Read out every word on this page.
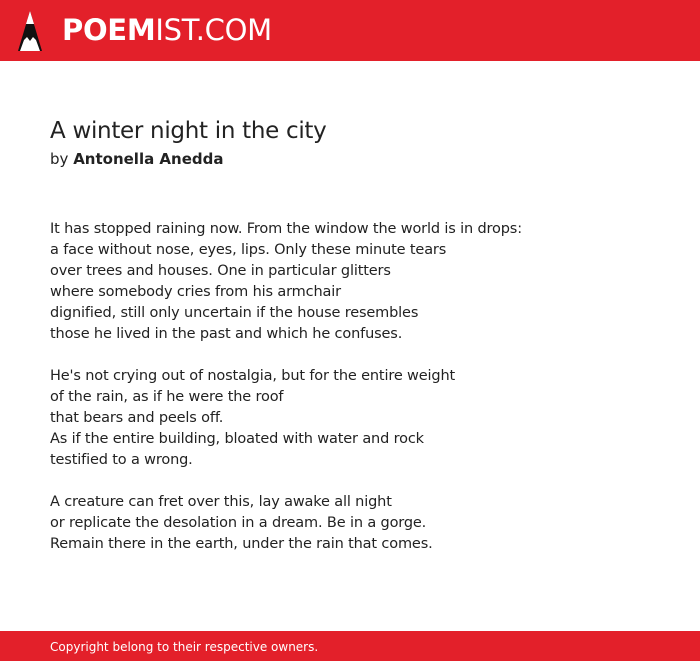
POEMIST.COM
A winter night in the city
by Antonella Anedda
It has stopped raining now. From the window the world is in drops:
a face without nose, eyes, lips. Only these minute tears
over trees and houses. One in particular glitters
where somebody cries from his armchair
dignified, still only uncertain if the house resembles
those he lived in the past and which he confuses.
He's not crying out of nostalgia, but for the entire weight
of the rain, as if he were the roof
that bears and peels off.
As if the entire building, bloated with water and rock
testified to a wrong.
A creature can fret over this, lay awake all night
or replicate the desolation in a dream. Be in a gorge.
Remain there in the earth, under the rain that comes.
Copyright belong to their respective owners.
